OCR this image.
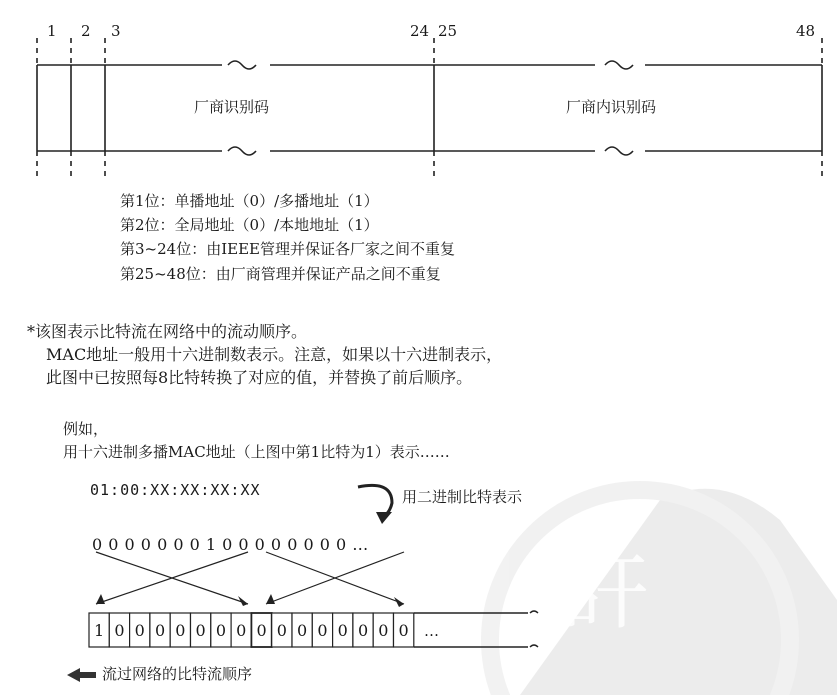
許
1 0 0 0 0 0 0 0 0 0 0 0 0 0 0 0
1 2 3	24 25	48
厂商识别码	厂商内识别码
第1位：单播地址（0）/多播地址（1）
第2位：全局地址（0）/本地地址（1）
第3~24位：由IEEE管理并保证各厂家之间不重复
第25~48位：由厂商管理并保证产品之间不重复
*该图表示比特流在网络中的流动顺序。
MAC地址一般用十六进制数表示。注意，如果以十六进制表示，
此图中已按照每8比特转换了对应的值，并替换了前后顺序。
例如，
用十六进制多播MAC地址（上图中第1比特为1）表示……
01:00:XX:XX:XX:XX	用二进制比特表示
0 0 0 0 0 0 0 1 0 0 0 0 0 0 0 0 …
…
流过网络的比特流顺序
